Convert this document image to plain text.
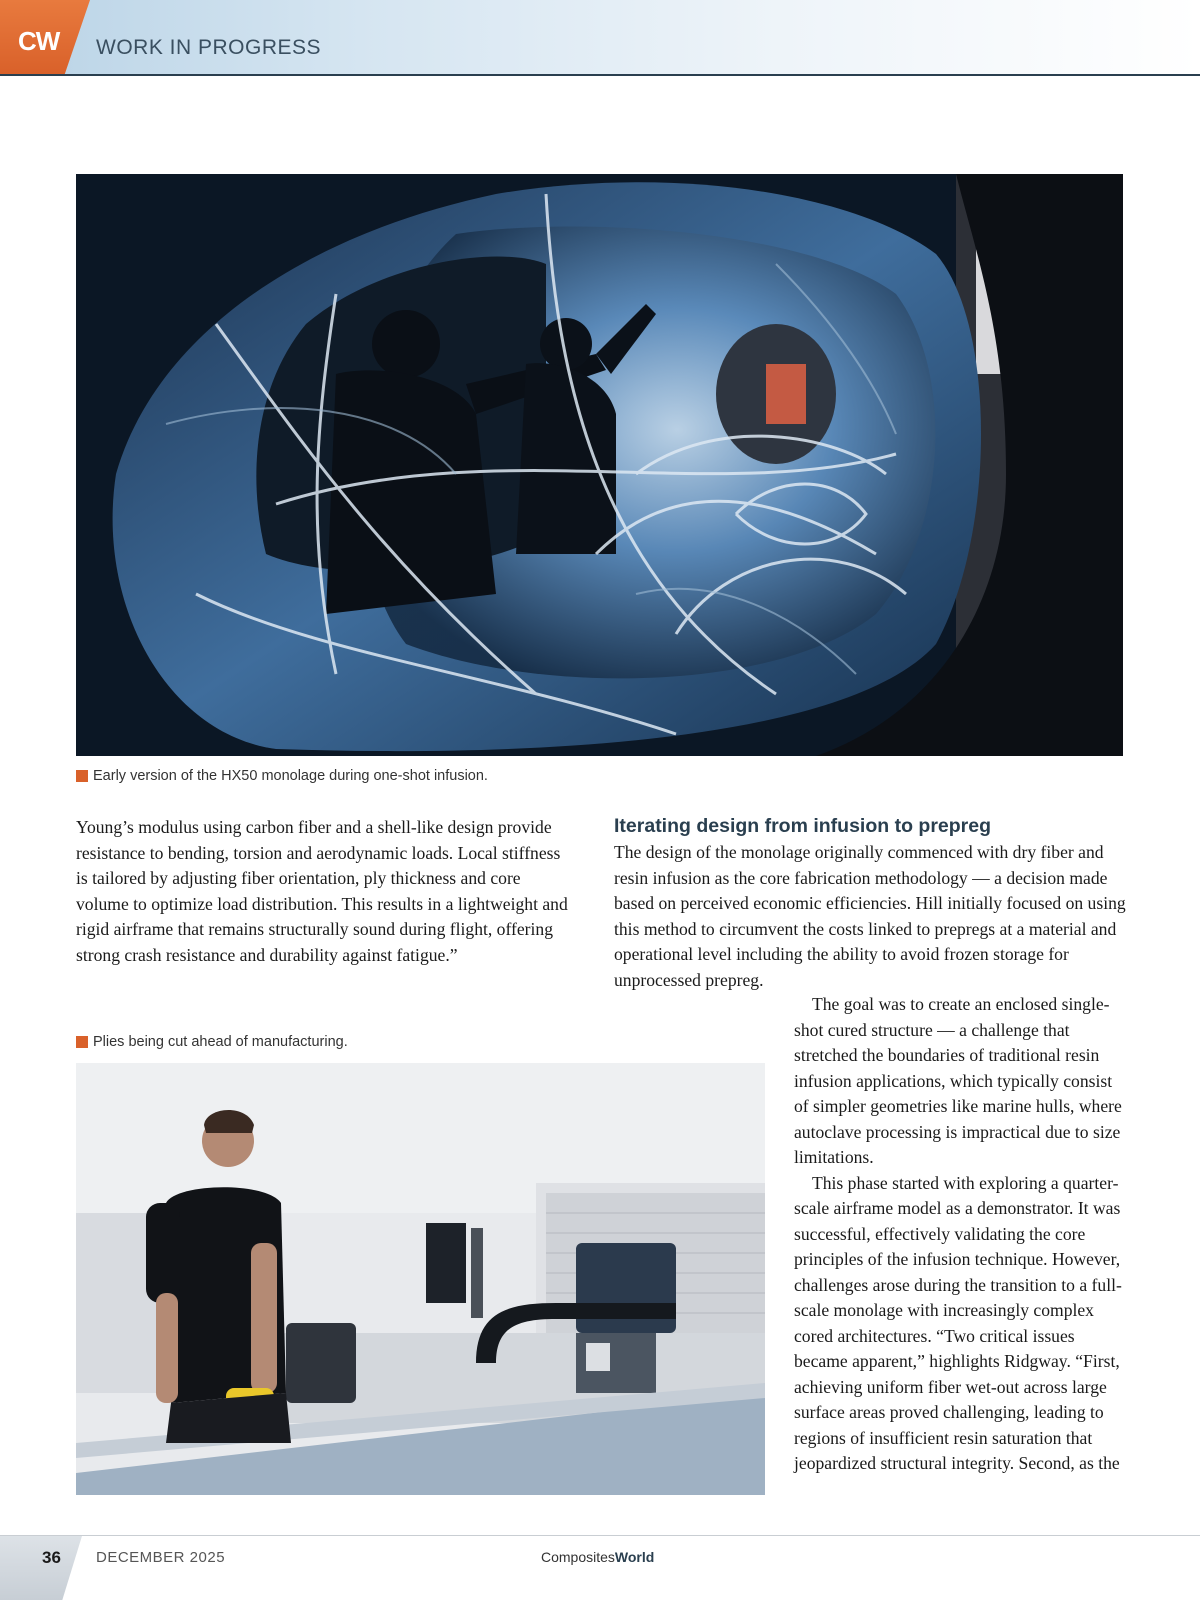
CW WORK IN PROGRESS
Early version of the HX50 monolage during one-shot infusion.

Young’s modulus using carbon fiber and a shell-like design provide resistance to bending, torsion and aerodynamic loads. Local stiffness is tailored by adjusting fiber orientation, ply thickness and core volume to optimize load distribution. This results in a lightweight and rigid airframe that remains structurally sound during flight, offering strong crash resistance and durability against fatigue.”

Iterating design from infusion to prepreg

The design of the monolage originally commenced with dry fiber and resin infusion as the core fabrication methodology — a decision made based on perceived economic efficiencies. Hill initially focused on using this method to circumvent the costs linked to prepregs at a material and operational level including the ability to avoid frozen storage for unprocessed prepreg.

The goal was to create an enclosed single-shot cured structure — a challenge that stretched the boundaries of traditional resin infusion applications, which typically consist of simpler geometries like marine hulls, where autoclave processing is impractical due to size limitations.

This phase started with exploring a quarter-scale airframe model as a demonstrator. It was successful, effectively validating the core principles of the infusion technique. However, challenges arose during the transition to a full-scale monolage with increasingly complex cored architectures. “Two critical issues became apparent,” highlights Ridgway. “First, achieving uniform fiber wet-out across large surface areas proved challenging, leading to regions of insufficient resin saturation that jeopardized structural integrity. Second, as the

Plies being cut ahead of manufacturing.
36 DECEMBER 2025	CompositesWorld
